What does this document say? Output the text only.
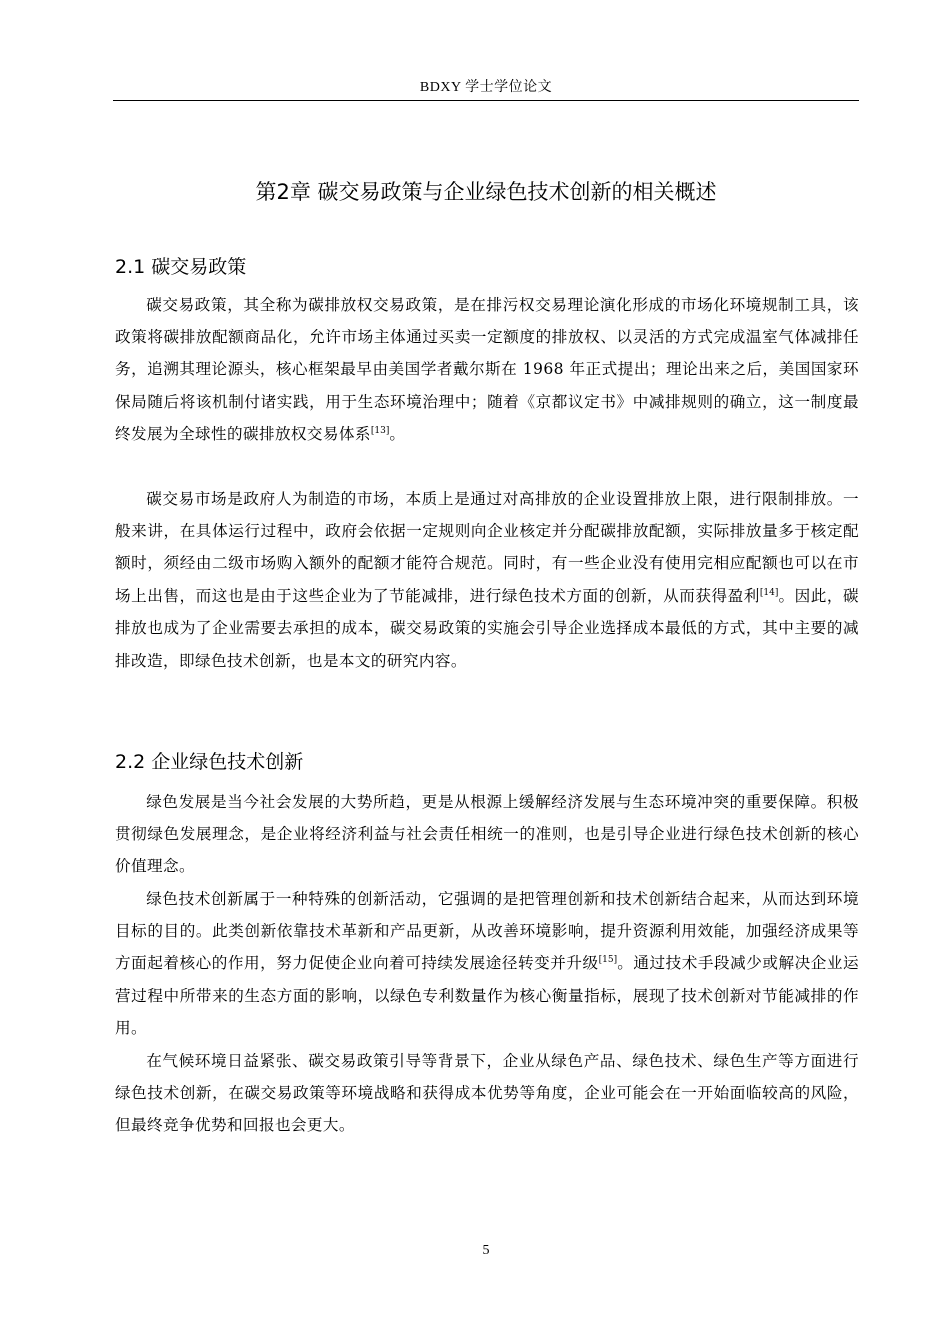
BDXY 学士学位论文
第2章 碳交易政策与企业绿色技术创新的相关概述
2.1 碳交易政策

碳交易政策，其全称为碳排放权交易政策，是在排污权交易理论演化形成的市场化环境规制工具，该政策将碳排放配额商品化，允许市场主体通过买卖一定额度的排放权、以灵活的方式完成温室气体减排任务，追溯其理论源头，核心框架最早由美国学者戴尔斯在 1968 年正式提出；理论出来之后，美国国家环保局随后将该机制付诸实践，用于生态环境治理中；随着《京都议定书》中减排规则的确立，这一制度最终发展为全球性的碳排放权交易体系[13]。

碳交易市场是政府人为制造的市场，本质上是通过对高排放的企业设置排放上限，进行限制排放。一般来讲，在具体运行过程中，政府会依据一定规则向企业核定并分配碳排放配额，实际排放量多于核定配额时，须经由二级市场购入额外的配额才能符合规范。同时，有一些企业没有使用完相应配额也可以在市场上出售，而这也是由于这些企业为了节能减排，进行绿色技术方面的创新，从而获得盈利[14]。因此，碳排放也成为了企业需要去承担的成本，碳交易政策的实施会引导企业选择成本最低的方式，其中主要的减排改造，即绿色技术创新，也是本文的研究内容。

2.2 企业绿色技术创新

绿色发展是当今社会发展的大势所趋，更是从根源上缓解经济发展与生态环境冲突的重要保障。积极贯彻绿色发展理念，是企业将经济利益与社会责任相统一的准则，也是引导企业进行绿色技术创新的核心价值理念。

绿色技术创新属于一种特殊的创新活动，它强调的是把管理创新和技术创新结合起来，从而达到环境目标的目的。此类创新依靠技术革新和产品更新，从改善环境影响，提升资源利用效能，加强经济成果等方面起着核心的作用，努力促使企业向着可持续发展途径转变并升级[15]。通过技术手段减少或解决企业运营过程中所带来的生态方面的影响，以绿色专利数量作为核心衡量指标，展现了技术创新对节能减排的作用。

在气候环境日益紧张、碳交易政策引导等背景下，企业从绿色产品、绿色技术、绿色生产等方面进行绿色技术创新，在碳交易政策等环境战略和获得成本优势等角度，企业可能会在一开始面临较高的风险，但最终竞争优势和回报也会更大。

5
